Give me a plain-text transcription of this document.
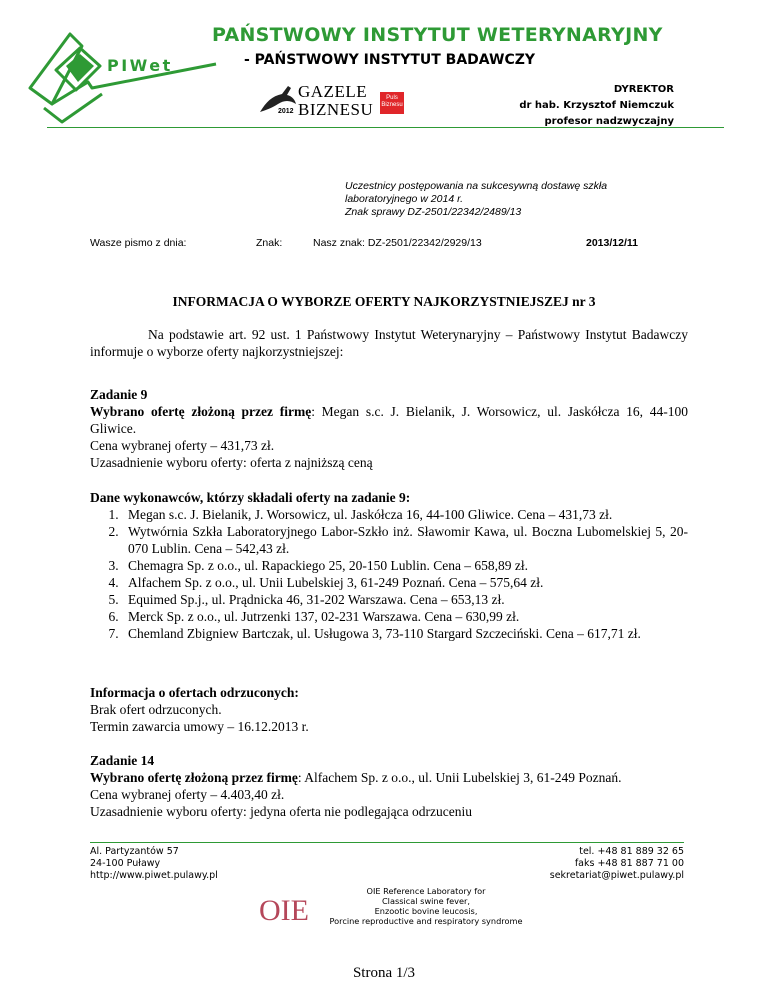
PIWet
PAŃSTWOWY INSTYTUT WETERYNARYJNY
- PAŃSTWOWY INSTYTUT BADAWCZY
GAZELE
2012 BIZNESU
Puls
Biznesu
DYREKTOR
dr hab. Krzysztof Niemczuk
profesor nadzwyczajny
Uczestnicy postępowania na sukcesywną dostawę szkła
laboratoryjnego w 2014 r.
Znak sprawy DZ-2501/22342/2489/13
Wasze pismo z dnia:	Znak:	Nasz znak: DZ-2501/22342/2929/13	2013/12/11
INFORMACJA O WYBORZE OFERTY NAJKORZYSTNIEJSZEJ nr 3
Na podstawie art. 92 ust. 1 Państwowy Instytut Weterynaryjny – Państwowy Instytut Badawczy informuje o wyborze oferty najkorzystniejszej:

Zadanie 9

Wybrano ofertę złożoną przez firmę: Megan s.c. J. Bielanik, J. Worsowicz, ul. Jaskółcza 16, 44-100 Gliwice.

Cena wybranej oferty – 431,73 zł.

Uzasadnienie wyboru oferty: oferta z najniższą ceną

Dane wykonawców, którzy składali oferty na zadanie 9:

1. Megan s.c. J. Bielanik, J. Worsowicz, ul. Jaskółcza 16, 44-100 Gliwice. Cena – 431,73 zł.
2. Wytwórnia Szkła Laboratoryjnego Labor-Szkło inż. Sławomir Kawa, ul. Boczna Lubomelskiej 5, 20-070 Lublin. Cena – 542,43 zł.
3. Chemagra Sp. z o.o., ul. Rapackiego 25, 20-150 Lublin. Cena – 658,89 zł.
4. Alfachem Sp. z o.o., ul. Unii Lubelskiej 3, 61-249 Poznań. Cena – 575,64 zł.
5. Equimed Sp.j., ul. Prądnicka 46, 31-202 Warszawa. Cena – 653,13 zł.
6. Merck Sp. z o.o., ul. Jutrzenki 137, 02-231 Warszawa. Cena – 630,99 zł.
7. Chemland Zbigniew Bartczak, ul. Usługowa 3, 73-110 Stargard Szczeciński. Cena – 617,71 zł.

Informacja o ofertach odrzuconych:

Brak ofert odrzuconych.

Termin zawarcia umowy – 16.12.2013 r.

Zadanie 14

Wybrano ofertę złożoną przez firmę: Alfachem Sp. z o.o., ul. Unii Lubelskiej 3, 61-249 Poznań.

Cena wybranej oferty – 4.403,40 zł.

Uzasadnienie wyboru oferty: jedyna oferta nie podlegająca odrzuceniu

Al. Partyzantów 57
24-100 Puławy
http://www.piwet.pulawy.pl
tel. +48 81 889 32 65
faks +48 81 887 71 00
sekretariat@piwet.pulawy.pl
OIE
OIE Reference Laboratory for
Classical swine fever,
Enzootic bovine leucosis,
Porcine reproductive and respiratory syndrome
Strona 1/3
